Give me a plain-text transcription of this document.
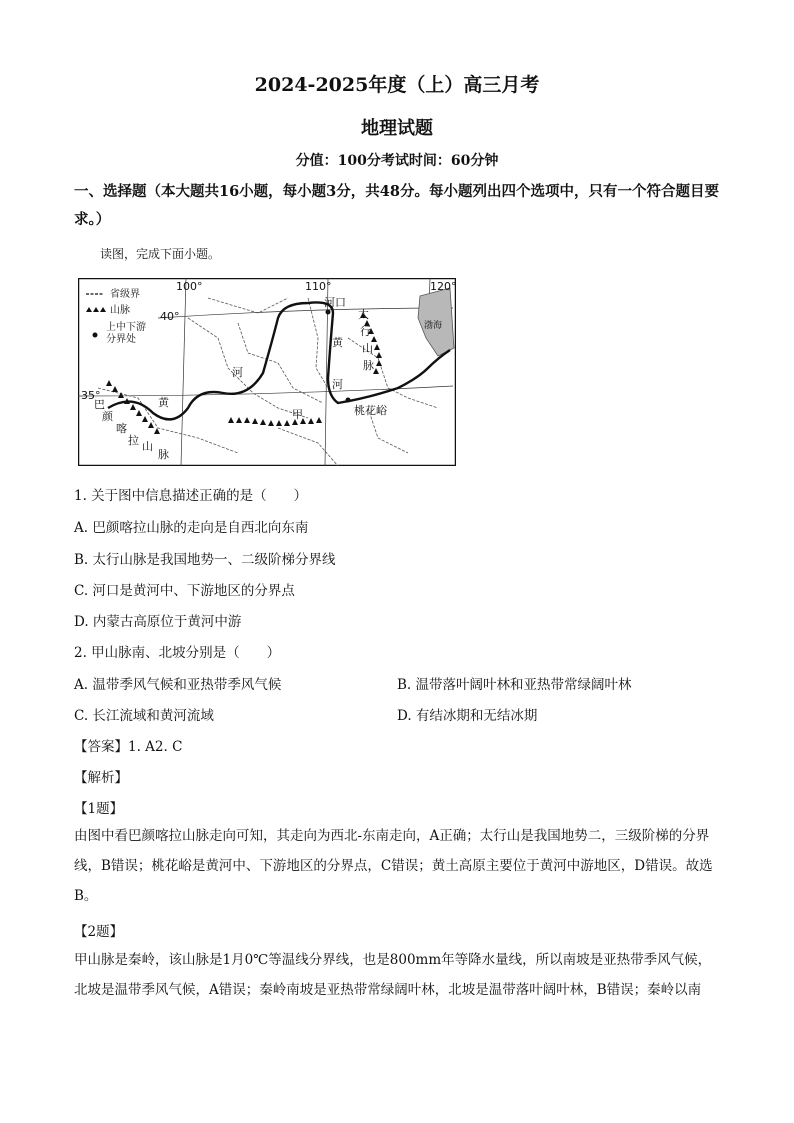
2024-2025年度（上）高三月考
地理试题
分值：100分考试时间：60分钟
一、选择题（本大题共16小题，每小题3分，共48分。每小题列出四个选项中，只有一个符合题目要求。）
读图，完成下面小题。
省级界
山脉
上中下游
分界处
100°	110°	120°
40°
35°
河口
太
行
山
脉
渤海
黄
河
河
黄
甲	桃花峪
巴
颜
喀
拉 山
脉
1. 关于图中信息描述正确的是（　　）
A. 巴颜喀拉山脉的走向是自西北向东南
B. 太行山脉是我国地势一、二级阶梯分界线
C. 河口是黄河中、下游地区的分界点
D. 内蒙古高原位于黄河中游
2. 甲山脉南、北坡分别是（　　）
A. 温带季风气候和亚热带季风气候	B. 温带落叶阔叶林和亚热带常绿阔叶林
C. 长江流域和黄河流域	D. 有结冰期和无结冰期
【答案】1. A2. C
【解析】
【1题】
由图中看巴颜喀拉山脉走向可知，其走向为西北-东南走向，A正确；太行山是我国地势二，三级阶梯的分界线，B错误；桃花峪是黄河中、下游地区的分界点，C错误；黄土高原主要位于黄河中游地区，D错误。故选B。
【2题】
甲山脉是秦岭，该山脉是1月0℃等温线分界线，也是800mm年等降水量线，所以南坡是亚热带季风气候，北坡是温带季风气候，A错误；秦岭南坡是亚热带常绿阔叶林，北坡是温带落叶阔叶林，B错误；秦岭以南
